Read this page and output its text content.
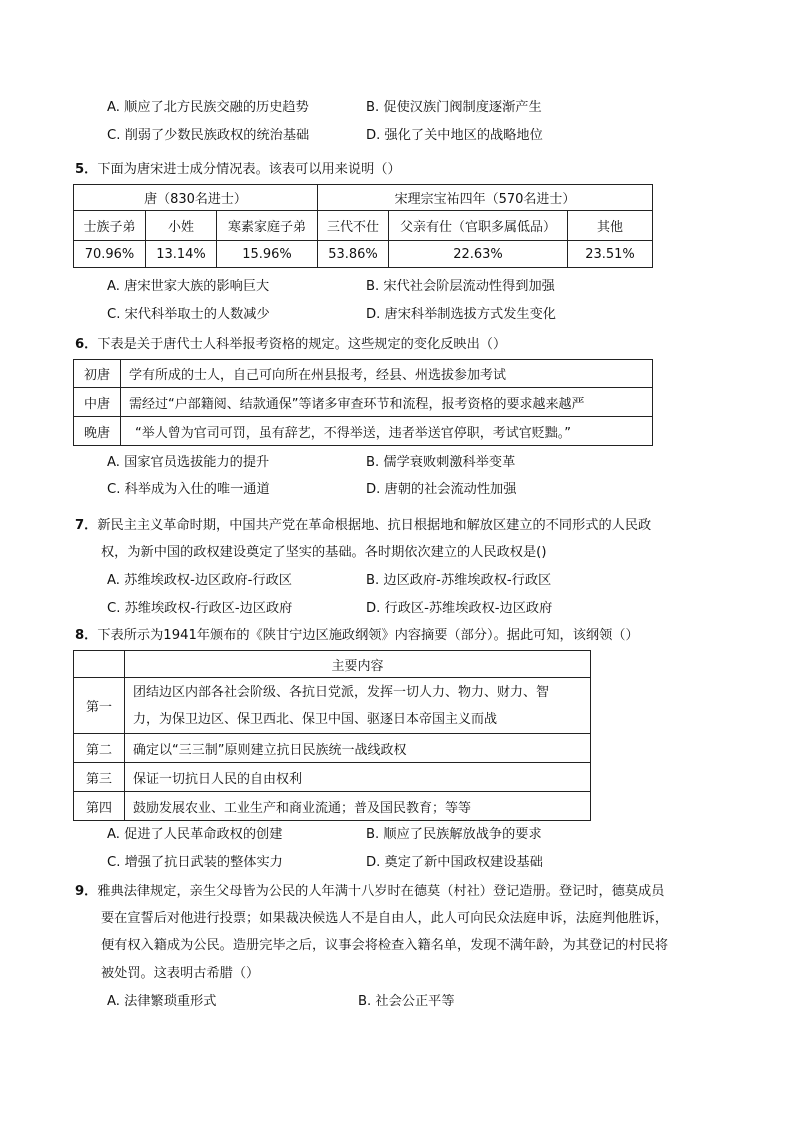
A. 顺应了北方民族交融的历史趋势	B. 促使汉族门阀制度逐渐产生
C. 削弱了少数民族政权的统治基础	D. 强化了关中地区的战略地位
5．下面为唐宋进士成分情况表。该表可以用来说明（）
唐（830名进士）			宋理宗宝祐四年（570名进士）		
士族子弟	小姓	寒素家庭子弟	三代不仕	父亲有仕（官职多属低品）	其他
70.96%	13.14%	15.96%	53.86%	22.63%	23.51%
A. 唐宋世家大族的影响巨大	B. 宋代社会阶层流动性得到加强
C. 宋代科举取士的人数减少	D. 唐宋科举制选拔方式发生变化
6．下表是关于唐代士人科举报考资格的规定。这些规定的变化反映出（）
初唐	学有所成的士人，自己可向所在州县报考，经县、州选拔参加考试
中唐	需经过“户部籍阅、结款通保”等诸多审查环节和流程，报考资格的要求越来越严
晚唐	“举人曾为官司可罚，虽有辞艺，不得举送，违者举送官停职，考试官贬黜。”
A. 国家官员选拔能力的提升	B. 儒学衰败刺激科举变革
C. 科举成为入仕的唯一通道	D. 唐朝的社会流动性加强
7．新民主主义革命时期，中国共产党在革命根据地、抗日根据地和解放区建立的不同形式的人民政
权，为新中国的政权建设奠定了坚实的基础。各时期依次建立的人民政权是()
A. 苏维埃政权-边区政府-行政区	B. 边区政府-苏维埃政权-行政区
C. 苏维埃政权-行政区-边区政府	D. 行政区-苏维埃政权-边区政府
8．下表所示为1941年颁布的《陕甘宁边区施政纲领》内容摘要（部分）。据此可知，该纲领（）
	主要内容
第一	团结边区内部各社会阶级、各抗日党派，发挥一切人力、物力、财力、智
力，为保卫边区、保卫西北、保卫中国、驱逐日本帝国主义而战

第二	确定以“三三制”原则建立抗日民族统一战线政权
第三	保证一切抗日人民的自由权利
第四	鼓励发展农业、工业生产和商业流通；普及国民教育；等等
A. 促进了人民革命政权的创建	B. 顺应了民族解放战争的要求
C. 增强了抗日武装的整体实力	D. 奠定了新中国政权建设基础
9．雅典法律规定，亲生父母皆为公民的人年满十八岁时在德莫（村社）登记造册。登记时，德莫成员
要在宣誓后对他进行投票；如果裁决候选人不是自由人，此人可向民众法庭申诉，法庭判他胜诉，
便有权入籍成为公民。造册完毕之后，议事会将检查入籍名单，发现不满年龄，为其登记的村民将
被处罚。这表明古希腊（）
A. 法律繁琐重形式	B. 社会公正平等
